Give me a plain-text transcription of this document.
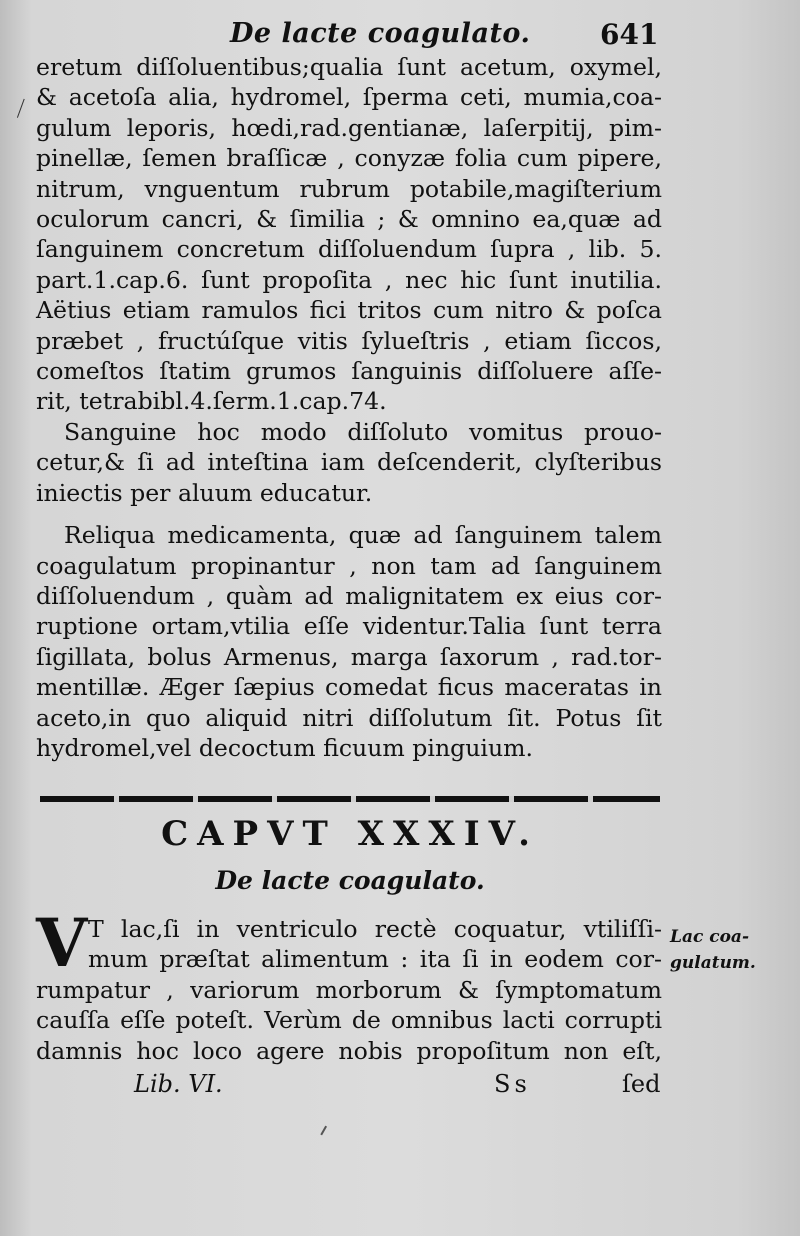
De lacte coagulato. 641
eretum diſſoluentibus;qualia ſunt acetum, oxymel,
& acetoſa alia, hydromel, ſperma ceti, mumia,coa-
gulum leporis, hœdi,rad.gentianæ, laſerpitij, pim-
pinellæ, ſemen braſſicæ , conyzæ folia cum pipere,
nitrum, vnguentum rubrum potabile,magiſterium
oculorum cancri, & ſimilia ; & omnino ea,quæ ad
ſanguinem concretum diſſoluendum ſupra , lib. 5.
part.1.cap.6. ſunt propoſita , nec hic ſunt inutilia.
Aëtius etiam ramulos fici tritos cum nitro & poſca
præbet , fructúſque vitis ſylueſtris , etiam ſiccos,
comeſtos ſtatim grumos ſanguinis diſſoluere aſſe-
rit, tetrabibl.4.ſerm.1.cap.74.
Sanguine hoc modo diſſoluto vomitus prouo-
cetur,& ſi ad inteſtina iam deſcenderit, clyſteribus
iniectis per aluum educatur.
Reliqua medicamenta, quæ ad ſanguinem talem
coagulatum propinantur , non tam ad ſanguinem
diſſoluendum , quàm ad malignitatem ex eius cor-
ruptione ortam,vtilia eſſe videntur.Talia ſunt terra
ſigillata, bolus Armenus, marga ſaxorum , rad.tor-
mentillæ. Æger ſæpius comedat ficus maceratas in
aceto,in quo aliquid nitri diſſolutum ſit. Potus ſit
hydromel,vel decoctum ficuum pinguium.
CAPVT XXXIV.
De lacte coagulato.
V T lac,ſi in ventriculo rectè coquatur, vtiliſſi-
mum præſtat alimentum : ita ſi in eodem cor-
rumpatur , variorum morborum & ſymptomatum
cauſſa eſſe poteſt. Verùm de omnibus lacti corrupti
damnis hoc loco agere nobis propoſitum non eſt,
Lac coa-
gulatum.
Lib. VI.	Ss	ſed
